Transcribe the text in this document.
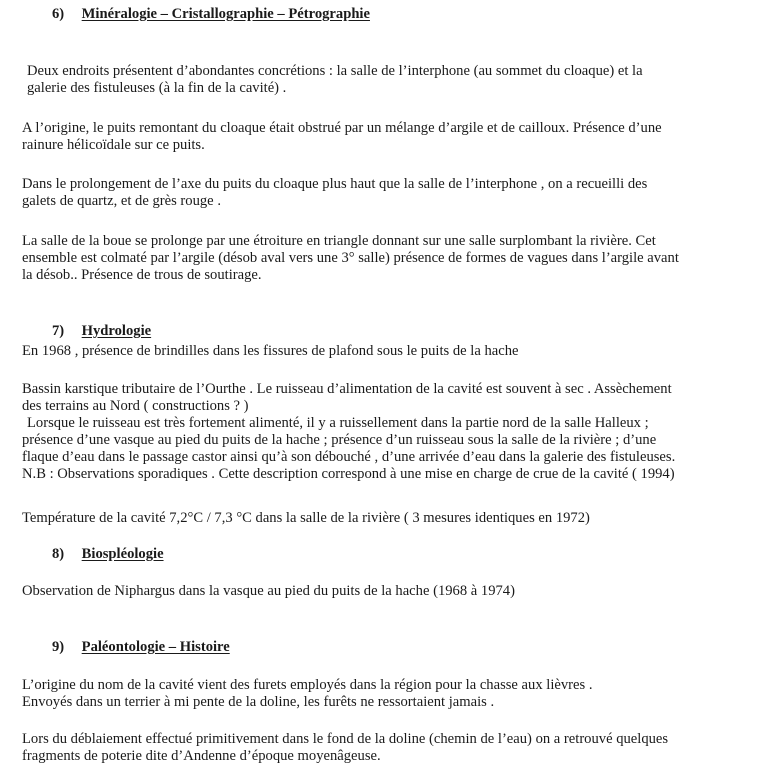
6) Minéralogie – Cristallographie – Pétrographie

Deux endroits présentent d’abondantes concrétions : la salle de l’interphone (au sommet du cloaque) et la
galerie des fistuleuses (à la fin de la cavité) .

A l’origine, le puits remontant du cloaque était obstrué par un mélange d’argile et de cailloux. Présence d’une
rainure hélicoïdale sur ce puits.

Dans le prolongement de l’axe du puits du cloaque plus haut que la salle de l’interphone , on a recueilli des
galets de quartz, et de grès rouge .

La salle de la boue se prolonge par une étroiture en triangle donnant sur une salle surplombant la rivière. Cet
ensemble est colmaté par l’argile (désob aval vers une 3° salle) présence de formes de vagues dans l’argile avant
la désob.. Présence de trous de soutirage.

7) Hydrologie

En 1968 , présence de brindilles dans les fissures de plafond sous le puits de la hache

Bassin karstique tributaire de l’Ourthe . Le ruisseau d’alimentation de la cavité est souvent à sec . Assèchement
des terrains au Nord ( constructions ? )
Lorsque le ruisseau est très fortement alimenté, il y a ruissellement dans la partie nord de la salle Halleux ;
présence d’une vasque au pied du puits de la hache ; présence d’un ruisseau sous la salle de la rivière ; d’une
flaque d’eau dans le passage castor ainsi qu’à son débouché , d’une arrivée d’eau dans la galerie des fistuleuses.
N.B : Observations sporadiques . Cette description correspond à une mise en charge de crue de la cavité ( 1994)

Température de la cavité 7,2°C / 7,3 °C dans la salle de la rivière ( 3 mesures identiques en 1972)

8) Biospléologie

Observation de Niphargus dans la vasque au pied du puits de la hache (1968 à 1974)

9) Paléontologie – Histoire

L’origine du nom de la cavité vient des furets employés dans la région pour la chasse aux lièvres .
Envoyés dans un terrier à mi pente de la doline, les furêts ne ressortaient jamais .

Lors du déblaiement effectué primitivement dans le fond de la doline (chemin de l’eau) on a retrouvé quelques
fragments de poterie dite d’Andenne d’époque moyenâgeuse.
